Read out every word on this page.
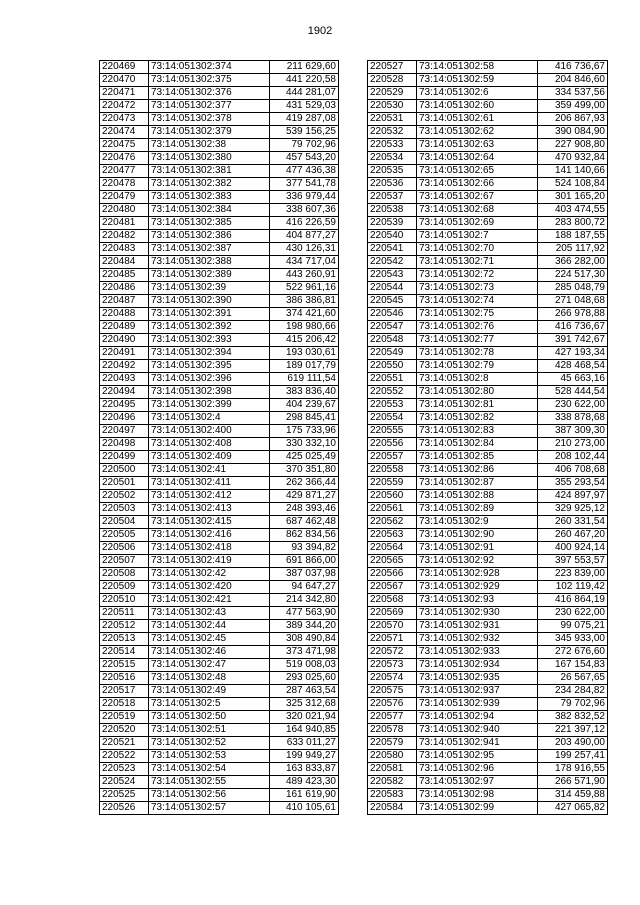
1902
220469	73:14:051302:374	211 629,60
220470	73:14:051302:375	441 220,58
220471	73:14:051302:376	444 281,07
220472	73:14:051302:377	431 529,03
220473	73:14:051302:378	419 287,08
220474	73:14:051302:379	539 156,25
220475	73:14:051302:38	79 702,96
220476	73:14:051302:380	457 543,20
220477	73:14:051302:381	477 436,38
220478	73:14:051302:382	377 541,78
220479	73:14:051302:383	336 979,44
220480	73:14:051302:384	338 607,36
220481	73:14:051302:385	416 226,59
220482	73:14:051302:386	404 877,27
220483	73:14:051302:387	430 126,31
220484	73:14:051302:388	434 717,04
220485	73:14:051302:389	443 260,91
220486	73:14:051302:39	522 961,16
220487	73:14:051302:390	386 386,81
220488	73:14:051302:391	374 421,60
220489	73:14:051302:392	198 980,66
220490	73:14:051302:393	415 206,42
220491	73:14:051302:394	193 030,61
220492	73:14:051302:395	189 017,79
220493	73:14:051302:396	619 111,54
220494	73:14:051302:398	383 836,40
220495	73:14:051302:399	404 239,67
220496	73:14:051302:4	298 845,41
220497	73:14:051302:400	175 733,96
220498	73:14:051302:408	330 332,10
220499	73:14:051302:409	425 025,49
220500	73:14:051302:41	370 351,80
220501	73:14:051302:411	262 366,44
220502	73:14:051302:412	429 871,27
220503	73:14:051302:413	248 393,46
220504	73:14:051302:415	687 462,48
220505	73:14:051302:416	862 834,56
220506	73:14:051302:418	93 394,82
220507	73:14:051302:419	691 866,00
220508	73:14:051302:42	387 037,98
220509	73:14:051302:420	94 647,27
220510	73:14:051302:421	214 342,80
220511	73:14:051302:43	477 563,90
220512	73:14:051302:44	389 344,20
220513	73:14:051302:45	308 490,84
220514	73:14:051302:46	373 471,98
220515	73:14:051302:47	519 008,03
220516	73:14:051302:48	293 025,60
220517	73:14:051302:49	287 463,54
220518	73:14:051302:5	325 312,68
220519	73:14:051302:50	320 021,94
220520	73:14:051302:51	164 940,85
220521	73:14:051302:52	633 011,27
220522	73:14:051302:53	199 949,27
220523	73:14:051302:54	163 833,87
220524	73:14:051302:55	489 423,30
220525	73:14:051302:56	161 619,90
220526	73:14:051302:57	410 105,61
220527	73:14:051302:58	416 736,67
220528	73:14:051302:59	204 846,60
220529	73:14:051302:6	334 537,56
220530	73:14:051302:60	359 499,00
220531	73:14:051302:61	206 867,93
220532	73:14:051302:62	390 084,90
220533	73:14:051302:63	227 908,80
220534	73:14:051302:64	470 932,84
220535	73:14:051302:65	141 140,66
220536	73:14:051302:66	524 108,84
220537	73:14:051302:67	301 165,20
220538	73:14:051302:68	403 474,55
220539	73:14:051302:69	283 800,72
220540	73:14:051302:7	188 187,55
220541	73:14:051302:70	205 117,92
220542	73:14:051302:71	366 282,00
220543	73:14:051302:72	224 517,30
220544	73:14:051302:73	285 048,79
220545	73:14:051302:74	271 048,68
220546	73:14:051302:75	266 978,88
220547	73:14:051302:76	416 736,67
220548	73:14:051302:77	391 742,67
220549	73:14:051302:78	427 193,34
220550	73:14:051302:79	428 468,54
220551	73:14:051302:8	45 663,16
220552	73:14:051302:80	528 444,54
220553	73:14:051302:81	230 622,00
220554	73:14:051302:82	338 878,68
220555	73:14:051302:83	387 309,30
220556	73:14:051302:84	210 273,00
220557	73:14:051302:85	208 102,44
220558	73:14:051302:86	406 708,68
220559	73:14:051302:87	355 293,54
220560	73:14:051302:88	424 897,97
220561	73:14:051302:89	329 925,12
220562	73:14:051302:9	260 331,54
220563	73:14:051302:90	260 467,20
220564	73:14:051302:91	400 924,14
220565	73:14:051302:92	397 553,57
220566	73:14:051302:928	223 839,00
220567	73:14:051302:929	102 119,42
220568	73:14:051302:93	416 864,19
220569	73:14:051302:930	230 622,00
220570	73:14:051302:931	99 075,21
220571	73:14:051302:932	345 933,00
220572	73:14:051302:933	272 676,60
220573	73:14:051302:934	167 154,83
220574	73:14:051302:935	26 567,65
220575	73:14:051302:937	234 284,82
220576	73:14:051302:939	79 702,96
220577	73:14:051302:94	382 832,52
220578	73:14:051302:940	221 397,12
220579	73:14:051302:941	203 490,00
220580	73:14:051302:95	199 257,41
220581	73:14:051302:96	178 916,55
220582	73:14:051302:97	266 571,90
220583	73:14:051302:98	314 459,88
220584	73:14:051302:99	427 065,82
